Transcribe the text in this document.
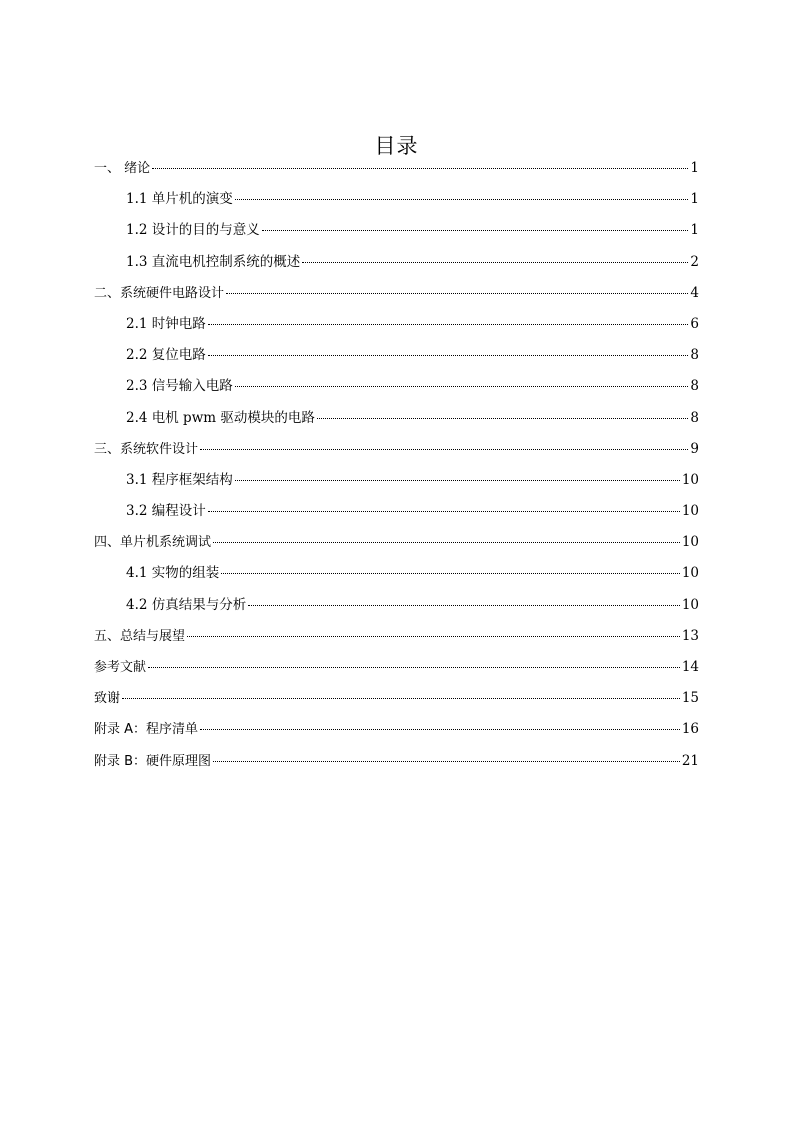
目录
一、 绪论	1
1.1 单片机的演变	1
1.2 设计的目的与意义	1
1.3 直流电机控制系统的概述	2
二、系统硬件电路设计	4
2.1 时钟电路	6
2.2 复位电路	8
2.3 信号输入电路	8
2.4 电机 pwm 驱动模块的电路	8
三、系统软件设计	9
3.1 程序框架结构	10
3.2 编程设计	10
四、单片机系统调试	10
4.1 实物的组装	10
4.2 仿真结果与分析	10
五、总结与展望	13
参考文献	14
致谢	15
附录 A：程序清单	16
附录 B：硬件原理图	21
